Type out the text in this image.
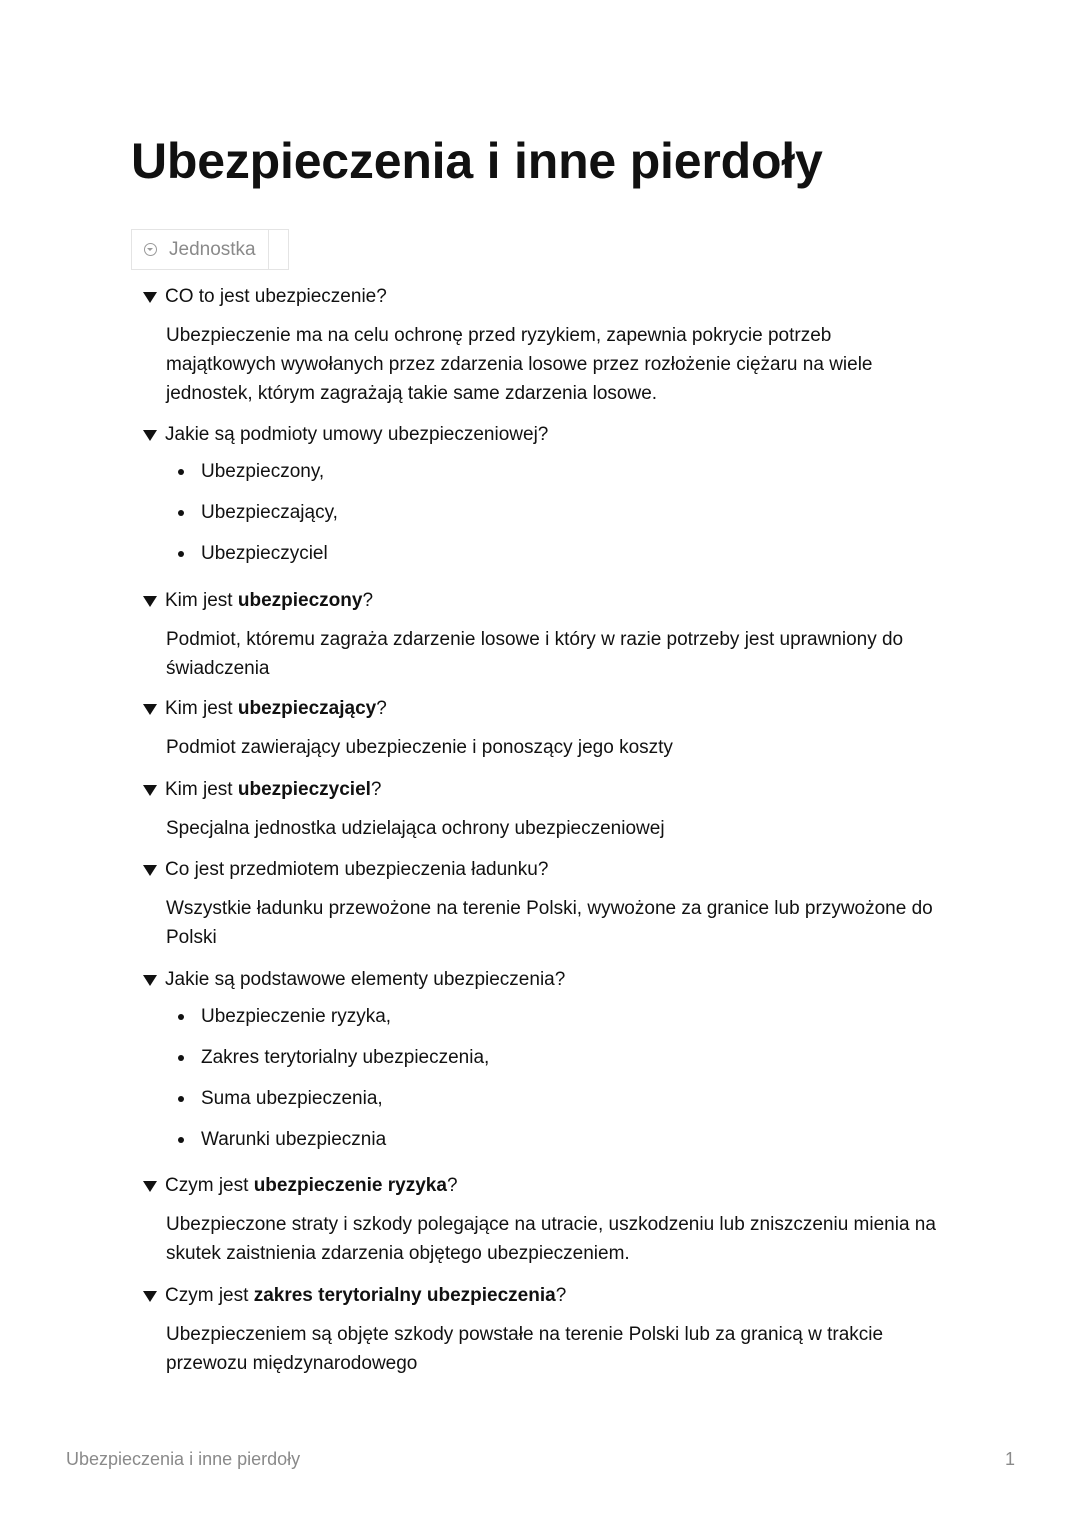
Ubezpieczenia i inne pierdoły
Jednostka
CO to jest ubezpieczenie?

Ubezpieczenie ma na celu ochronę przed ryzykiem, zapewnia pokrycie potrzeb majątkowych wywołanych przez zdarzenia losowe przez rozłożenie ciężaru na wiele jednostek, którym zagrażają takie same zdarzenia losowe.

Jakie są podmioty umowy ubezpieczeniowej?
Ubezpieczony,
Ubezpieczający,
Ubezpieczyciel
Kim jest ubezpieczony?

Podmiot, któremu zagraża zdarzenie losowe i który w razie potrzeby jest uprawniony do świadczenia

Kim jest ubezpieczający?

Podmiot zawierający ubezpieczenie i ponoszący jego koszty

Kim jest ubezpieczyciel?

Specjalna jednostka udzielająca ochrony ubezpieczeniowej

Co jest przedmiotem ubezpieczenia ładunku?

Wszystkie ładunku przewożone na terenie Polski, wywożone za granice lub przywożone do Polski

Jakie są podstawowe elementy ubezpieczenia?
Ubezpieczenie ryzyka,
Zakres terytorialny ubezpieczenia,
Suma ubezpieczenia,
Warunki ubezpiecznia
Czym jest ubezpieczenie ryzyka?

Ubezpieczone straty i szkody polegające na utracie, uszkodzeniu lub zniszczeniu mienia na skutek zaistnienia zdarzenia objętego ubezpieczeniem.

Czym jest zakres terytorialny ubezpieczenia?

Ubezpieczeniem są objęte szkody powstałe na terenie Polski lub za granicą w trakcie przewozu międzynarodowego

Ubezpieczenia i inne pierdoły	1
